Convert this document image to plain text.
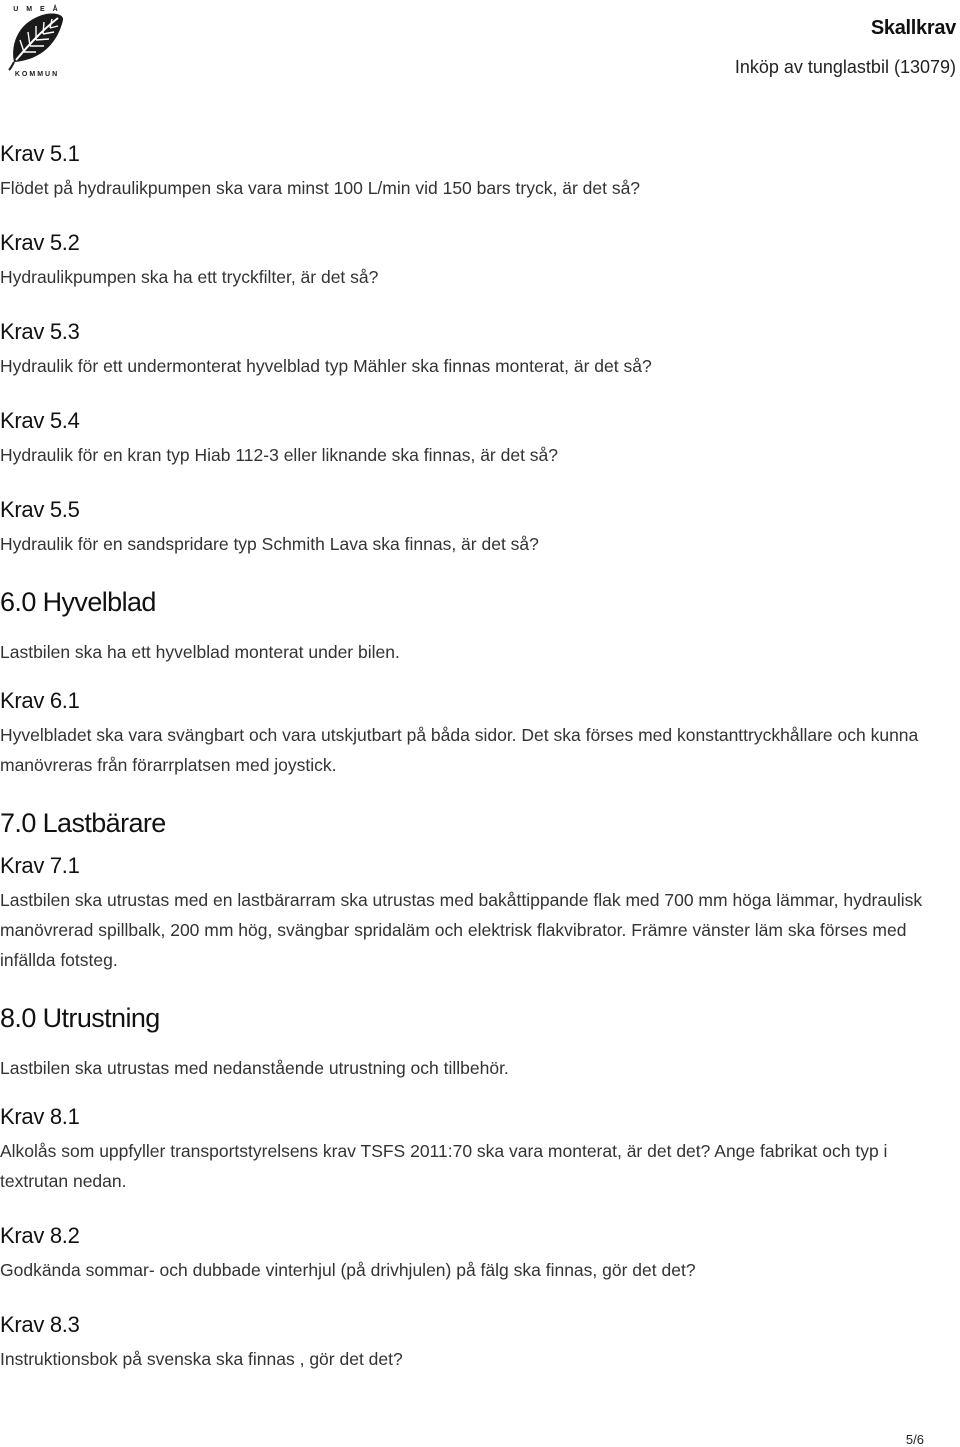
U M E Å
KOMMUN
Skallkrav
Inköp av tunglastbil (13079)
Krav 5.1

Flödet på hydraulikpumpen ska vara minst 100 L/min vid 150 bars tryck, är det så?

Krav 5.2

Hydraulikpumpen ska ha ett tryckfilter, är det så?

Krav 5.3

Hydraulik för ett undermonterat hyvelblad typ Mähler ska finnas monterat, är det så?

Krav 5.4

Hydraulik för en kran typ Hiab 112-3 eller liknande ska finnas, är det så?

Krav 5.5

Hydraulik för en sandspridare typ Schmith Lava ska finnas, är det så?

6.0 Hyvelblad

Lastbilen ska ha ett hyvelblad monterat under bilen.

Krav 6.1

Hyvelbladet ska vara svängbart och vara utskjutbart på båda sidor. Det ska förses med konstanttryckhållare och kunna manövreras från förarrplatsen med joystick.

7.0 Lastbärare
Krav 7.1

Lastbilen ska utrustas med en lastbärarram ska utrustas med bakåttippande flak med 700 mm höga lämmar, hydraulisk manövrerad spillbalk, 200 mm hög, svängbar spridaläm och elektrisk flakvibrator. Främre vänster läm ska förses med infällda fotsteg.

8.0 Utrustning

Lastbilen ska utrustas med nedanstående utrustning och tillbehör.

Krav 8.1

Alkolås som uppfyller transportstyrelsens krav TSFS 2011:70 ska vara monterat, är det det? Ange fabrikat och typ i textrutan nedan.

Krav 8.2

Godkända sommar- och dubbade vinterhjul (på drivhjulen) på fälg ska finnas, gör det det?

Krav 8.3

Instruktionsbok på svenska ska finnas , gör det det?

5/6
